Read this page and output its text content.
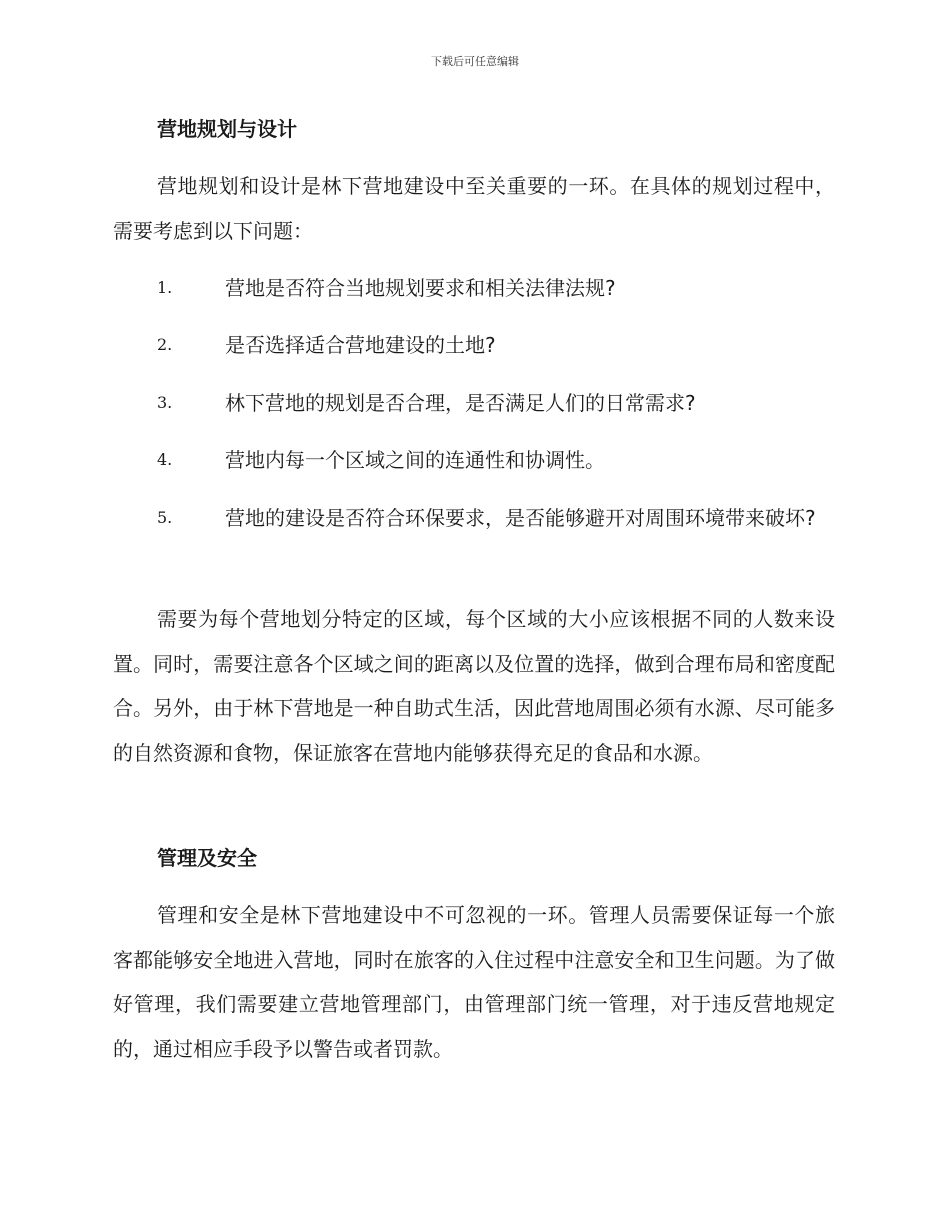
下载后可任意编辑
营地规划与设计
营地规划和设计是林下营地建设中至关重要的一环。在具体的规划过程中，需要考虑到以下问题：
1.	营地是否符合当地规划要求和相关法律法规?
2.	是否选择适合营地建设的土地?
3.	林下营地的规划是否合理，是否满足人们的日常需求?
4.	营地内每一个区域之间的连通性和协调性。
5.	营地的建设是否符合环保要求，是否能够避开对周围环境带来破坏?
需要为每个营地划分特定的区域，每个区域的大小应该根据不同的人数来设置。同时，需要注意各个区域之间的距离以及位置的选择，做到合理布局和密度配合。另外，由于林下营地是一种自助式生活，因此营地周围必须有水源、尽可能多的自然资源和食物，保证旅客在营地内能够获得充足的食品和水源。
管理及安全
管理和安全是林下营地建设中不可忽视的一环。管理人员需要保证每一个旅客都能够安全地进入营地，同时在旅客的入住过程中注意安全和卫生问题。为了做好管理，我们需要建立营地管理部门，由管理部门统一管理，对于违反营地规定的，通过相应手段予以警告或者罚款。
